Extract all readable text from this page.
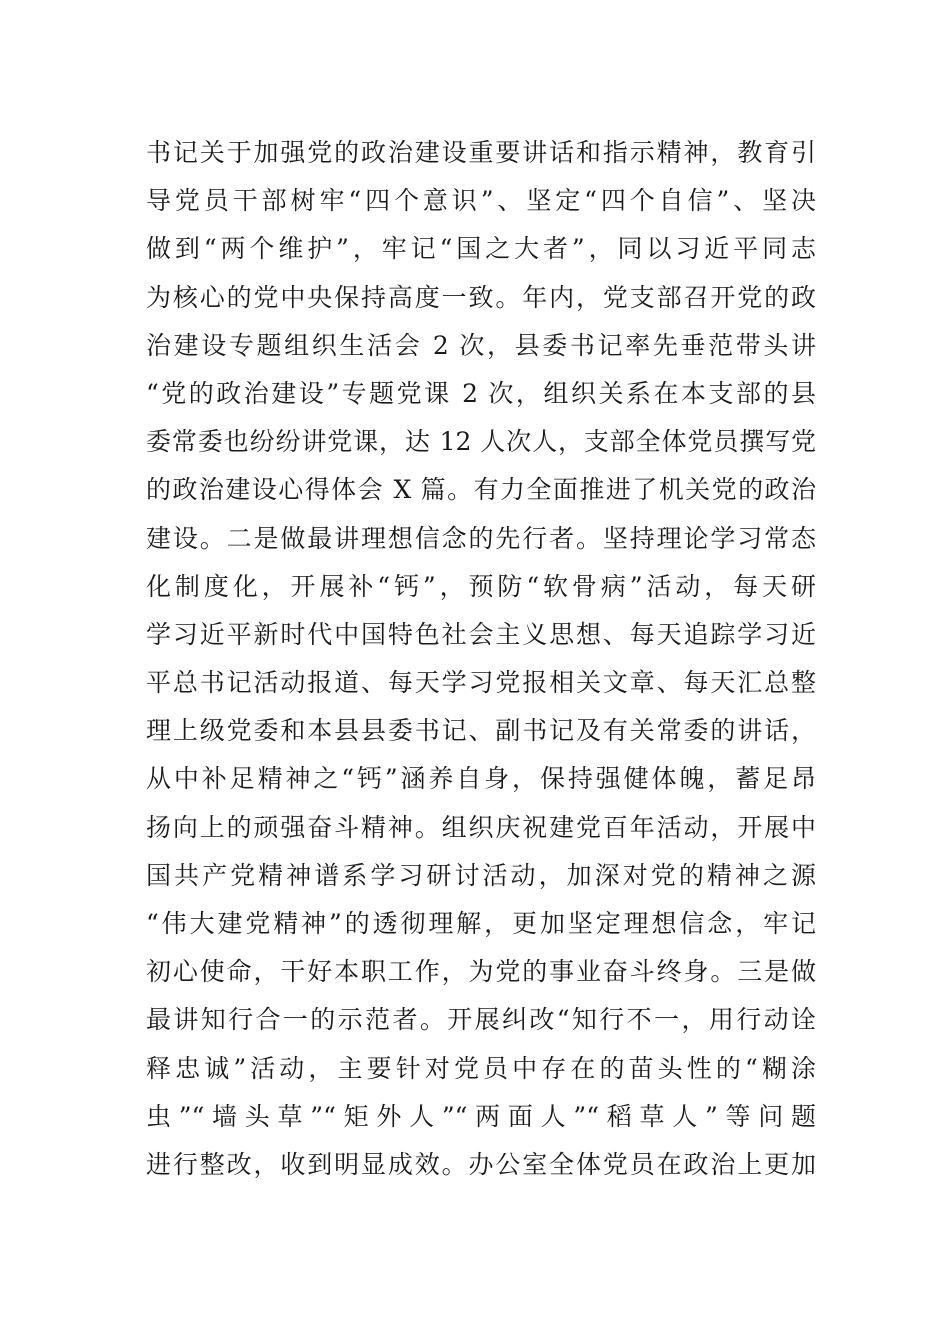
书记关于加强党的政治建设重要讲话和指示精神，教育引
导党员干部树牢“四个意识”、坚定“四个自信”、坚决
做到“两个维护”，牢记“国之大者”，同以习近平同志
为核心的党中央保持高度一致。年内，党支部召开党的政
治建设专题组织生活会 2 次，县委书记率先垂范带头讲
“党的政治建设”专题党课 2 次，组织关系在本支部的县
委常委也纷纷讲党课，达 12 人次人，支部全体党员撰写党
的政治建设心得体会 X 篇。有力全面推进了机关党的政治
建设。二是做最讲理想信念的先行者。坚持理论学习常态
化制度化，开展补“钙”，预防“软骨病”活动，每天研
学习近平新时代中国特色社会主义思想、每天追踪学习近
平总书记活动报道、每天学习党报相关文章、每天汇总整
理上级党委和本县县委书记、副书记及有关常委的讲话，
从中补足精神之“钙”涵养自身，保持强健体魄，蓄足昂
扬向上的顽强奋斗精神。组织庆祝建党百年活动，开展中
国共产党精神谱系学习研讨活动，加深对党的精神之源
“伟大建党精神”的透彻理解，更加坚定理想信念，牢记
初心使命，干好本职工作，为党的事业奋斗终身。三是做
最讲知行合一的示范者。开展纠改“知行不一，用行动诠
释忠诚”活动，主要针对党员中存在的苗头性的“糊涂
虫”“墙头草”“矩外人”“两面人”“稻草人”等问题
进行整改，收到明显成效。办公室全体党员在政治上更加
